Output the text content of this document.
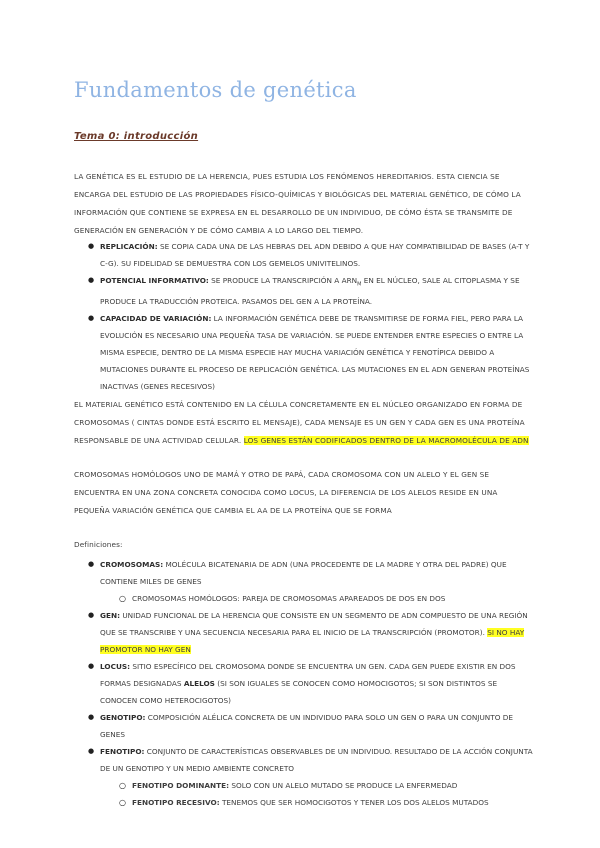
Fundamentos de genética
Tema 0: introducción

LA GENÉTICA ES EL ESTUDIO DE LA HERENCIA, PUES ESTUDIA LOS FENÓMENOS HEREDITARIOS. ESTA CIENCIA SE ENCARGA DEL ESTUDIO DE LAS PROPIEDADES FÍSICO-QUÍMICAS Y BIOLÓGICAS DEL MATERIAL GENÉTICO, DE CÓMO LA INFORMACIÓN QUE CONTIENE SE EXPRESA EN EL DESARROLLO DE UN INDIVIDUO, DE CÓMO ÉSTA SE TRANSMITE DE GENERACIÓN EN GENERACIÓN Y DE CÓMO CAMBIA A LO LARGO DEL TIEMPO.

● REPLICACIÓN: SE COPIA CADA UNA DE LAS HEBRAS DEL ADN DEBIDO A QUE HAY COMPATIBILIDAD DE BASES (A-T Y C-G). SU FIDELIDAD SE DEMUESTRA CON LOS GEMELOS UNIVITELINOS.
● POTENCIAL INFORMATIVO: SE PRODUCE LA TRANSCRIPCIÓN A $ARN_M$ EN EL NÚCLEO, SALE AL CITOPLASMA Y SE PRODUCE LA TRADUCCIÓN PROTEICA. PASAMOS DEL GEN A LA PROTEÍNA.
● CAPACIDAD DE VARIACIÓN: LA INFORMACIÓN GENÉTICA DEBE DE TRANSMITIRSE DE FORMA FIEL, PERO PARA LA EVOLUCIÓN ES NECESARIO UNA PEQUEÑA TASA DE VARIACIÓN. SE PUEDE ENTENDER ENTRE ESPECIES O ENTRE LA MISMA ESPECIE, DENTRO DE LA MISMA ESPECIE HAY MUCHA VARIACIÓN GENÉTICA Y FENOTÍPICA DEBIDO A MUTACIONES DURANTE EL PROCESO DE REPLICACIÓN GENÉTICA. LAS MUTACIONES EN EL ADN GENERAN PROTEÍNAS INACTIVAS (GENES RECESIVOS)

EL MATERIAL GENÉTICO ESTÁ CONTENIDO EN LA CÉLULA CONCRETAMENTE EN EL NÚCLEO ORGANIZADO EN FORMA DE CROMOSOMAS ( CINTAS DONDE ESTÁ ESCRITO EL MENSAJE), CADA MENSAJE ES UN GEN Y CADA GEN ES UNA PROTEÍNA RESPONSABLE DE UNA ACTIVIDAD CELULAR. LOS GENES ESTÁN CODIFICADOS DENTRO DE LA MACROMOLÉCULA DE ADN

CROMOSOMAS HOMÓLOGOS UNO DE MAMÁ Y OTRO DE PAPÁ, CADA CROMOSOMA CON UN ALELO Y EL GEN SE ENCUENTRA EN UNA ZONA CONCRETA CONOCIDA COMO LOCUS, LA DIFERENCIA DE LOS ALELOS RESIDE EN UNA PEQUEÑA VARIACIÓN GENÉTICA QUE CAMBIA EL AA DE LA PROTEÍNA QUE SE FORMA

Definiciones:

● CROMOSOMAS: MOLÉCULA BICATENARIA DE ADN (UNA PROCEDENTE DE LA MADRE Y OTRA DEL PADRE) QUE CONTIENE MILES DE GENES
○ CROMOSOMAS HOMÓLOGOS: PAREJA DE CROMOSOMAS APAREADOS DE DOS EN DOS
● GEN: UNIDAD FUNCIONAL DE LA HERENCIA QUE CONSISTE EN UN SEGMENTO DE ADN COMPUESTO DE UNA REGIÓN QUE SE TRANSCRIBE Y UNA SECUENCIA NECESARIA PARA EL INICIO DE LA TRANSCRIPCIÓN (PROMOTOR). SI NO HAY PROMOTOR NO HAY GEN
● LOCUS: SITIO ESPECÍFICO DEL CROMOSOMA DONDE SE ENCUENTRA UN GEN. CADA GEN PUEDE EXISTIR EN DOS FORMAS DESIGNADAS ALELOS (SI SON IGUALES SE CONOCEN COMO HOMOCIGOTOS; SI SON DISTINTOS SE CONOCEN COMO HETEROCIGOTOS)
● GENOTIPO: COMPOSICIÓN ALÉLICA CONCRETA DE UN INDIVIDUO PARA SOLO UN GEN O PARA UN CONJUNTO DE GENES
● FENOTIPO: CONJUNTO DE CARACTERÍSTICAS OBSERVABLES DE UN INDIVIDUO. RESULTADO DE LA ACCIÓN CONJUNTA DE UN GENOTIPO Y UN MEDIO AMBIENTE CONCRETO
○ FENOTIPO DOMINANTE: SOLO CON UN ALELO MUTADO SE PRODUCE LA ENFERMEDAD
○ FENOTIPO RECESIVO: TENEMOS QUE SER HOMOCIGOTOS Y TENER LOS DOS ALELOS MUTADOS
